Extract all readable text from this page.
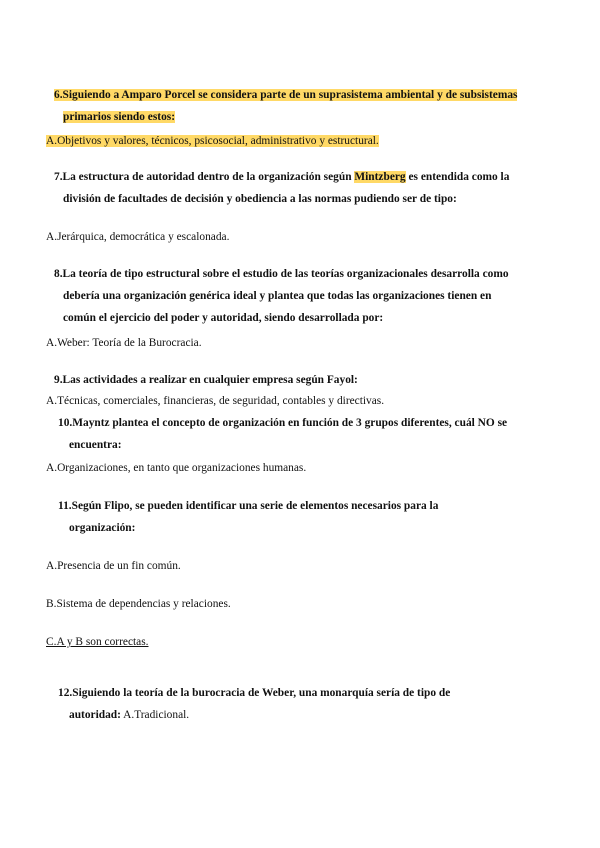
6.Siguiendo a Amparo Porcel se considera parte de un suprasistema ambiental y de subsistemas
primarios siendo estos:
A.Objetivos y valores, técnicos, psicosocial, administrativo y estructural.
7.La estructura de autoridad dentro de la organización según Mintzberg es entendida como la
división de facultades de decisión y obediencia a las normas pudiendo ser de tipo:
A.Jerárquica, democrática y escalonada.
8.La teoría de tipo estructural sobre el estudio de las teorías organizacionales desarrolla como
debería una organización genérica ideal y plantea que todas las organizaciones tienen en
común el ejercicio del poder y autoridad, siendo desarrollada por:
A.Weber: Teoría de la Burocracia.
9.Las actividades a realizar en cualquier empresa según Fayol:
A.Técnicas, comerciales, financieras, de seguridad, contables y directivas.
10.Mayntz plantea el concepto de organización en función de 3 grupos diferentes, cuál NO se
encuentra:
A.Organizaciones, en tanto que organizaciones humanas.
11.Según Flipo, se pueden identificar una serie de elementos necesarios para la
organización:
A.Presencia de un fin común.
B.Sistema de dependencias y relaciones.
C.A y B son correctas.
12.Siguiendo la teoría de la burocracia de Weber, una monarquía sería de tipo de
autoridad: A.Tradicional.
